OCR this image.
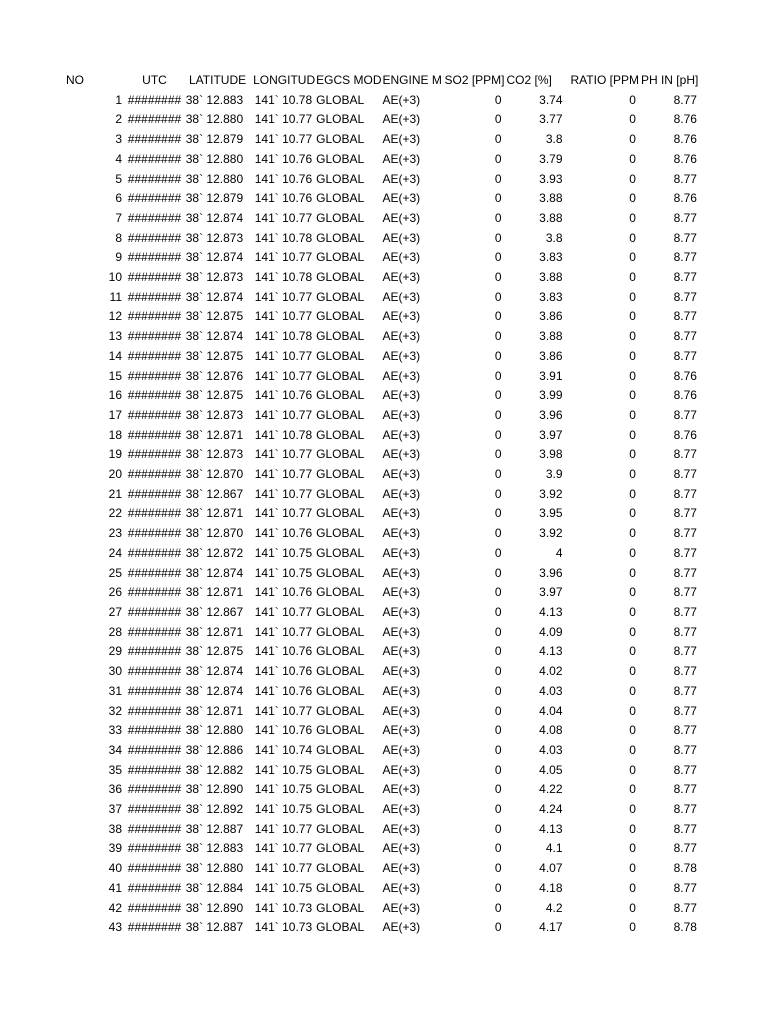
NO	UTC	LATITUDE	LONGITUD	EGCS MOD	ENGINE M	SO2 [PPM]	CO2 [%]	RATIO [PPM	PH IN [pH]
1	########	38` 12.883	141` 10.78	GLOBAL	AE(+3)	0	3.74	0	8.77
2	########	38` 12.880	141` 10.77	GLOBAL	AE(+3)	0	3.77	0	8.76
3	########	38` 12.879	141` 10.77	GLOBAL	AE(+3)	0	3.8	0	8.76
4	########	38` 12.880	141` 10.76	GLOBAL	AE(+3)	0	3.79	0	8.76
5	########	38` 12.880	141` 10.76	GLOBAL	AE(+3)	0	3.93	0	8.77
6	########	38` 12.879	141` 10.76	GLOBAL	AE(+3)	0	3.88	0	8.76
7	########	38` 12.874	141` 10.77	GLOBAL	AE(+3)	0	3.88	0	8.77
8	########	38` 12.873	141` 10.78	GLOBAL	AE(+3)	0	3.8	0	8.77
9	########	38` 12.874	141` 10.77	GLOBAL	AE(+3)	0	3.83	0	8.77
10	########	38` 12.873	141` 10.78	GLOBAL	AE(+3)	0	3.88	0	8.77
11	########	38` 12.874	141` 10.77	GLOBAL	AE(+3)	0	3.83	0	8.77
12	########	38` 12.875	141` 10.77	GLOBAL	AE(+3)	0	3.86	0	8.77
13	########	38` 12.874	141` 10.78	GLOBAL	AE(+3)	0	3.88	0	8.77
14	########	38` 12.875	141` 10.77	GLOBAL	AE(+3)	0	3.86	0	8.77
15	########	38` 12.876	141` 10.77	GLOBAL	AE(+3)	0	3.91	0	8.76
16	########	38` 12.875	141` 10.76	GLOBAL	AE(+3)	0	3.99	0	8.76
17	########	38` 12.873	141` 10.77	GLOBAL	AE(+3)	0	3.96	0	8.77
18	########	38` 12.871	141` 10.78	GLOBAL	AE(+3)	0	3.97	0	8.76
19	########	38` 12.873	141` 10.77	GLOBAL	AE(+3)	0	3.98	0	8.77
20	########	38` 12.870	141` 10.77	GLOBAL	AE(+3)	0	3.9	0	8.77
21	########	38` 12.867	141` 10.77	GLOBAL	AE(+3)	0	3.92	0	8.77
22	########	38` 12.871	141` 10.77	GLOBAL	AE(+3)	0	3.95	0	8.77
23	########	38` 12.870	141` 10.76	GLOBAL	AE(+3)	0	3.92	0	8.77
24	########	38` 12.872	141` 10.75	GLOBAL	AE(+3)	0	4	0	8.77
25	########	38` 12.874	141` 10.75	GLOBAL	AE(+3)	0	3.96	0	8.77
26	########	38` 12.871	141` 10.76	GLOBAL	AE(+3)	0	3.97	0	8.77
27	########	38` 12.867	141` 10.77	GLOBAL	AE(+3)	0	4.13	0	8.77
28	########	38` 12.871	141` 10.77	GLOBAL	AE(+3)	0	4.09	0	8.77
29	########	38` 12.875	141` 10.76	GLOBAL	AE(+3)	0	4.13	0	8.77
30	########	38` 12.874	141` 10.76	GLOBAL	AE(+3)	0	4.02	0	8.77
31	########	38` 12.874	141` 10.76	GLOBAL	AE(+3)	0	4.03	0	8.77
32	########	38` 12.871	141` 10.77	GLOBAL	AE(+3)	0	4.04	0	8.77
33	########	38` 12.880	141` 10.76	GLOBAL	AE(+3)	0	4.08	0	8.77
34	########	38` 12.886	141` 10.74	GLOBAL	AE(+3)	0	4.03	0	8.77
35	########	38` 12.882	141` 10.75	GLOBAL	AE(+3)	0	4.05	0	8.77
36	########	38` 12.890	141` 10.75	GLOBAL	AE(+3)	0	4.22	0	8.77
37	########	38` 12.892	141` 10.75	GLOBAL	AE(+3)	0	4.24	0	8.77
38	########	38` 12.887	141` 10.77	GLOBAL	AE(+3)	0	4.13	0	8.77
39	########	38` 12.883	141` 10.77	GLOBAL	AE(+3)	0	4.1	0	8.77
40	########	38` 12.880	141` 10.77	GLOBAL	AE(+3)	0	4.07	0	8.78
41	########	38` 12.884	141` 10.75	GLOBAL	AE(+3)	0	4.18	0	8.77
42	########	38` 12.890	141` 10.73	GLOBAL	AE(+3)	0	4.2	0	8.77
43	########	38` 12.887	141` 10.73	GLOBAL	AE(+3)	0	4.17	0	8.78
